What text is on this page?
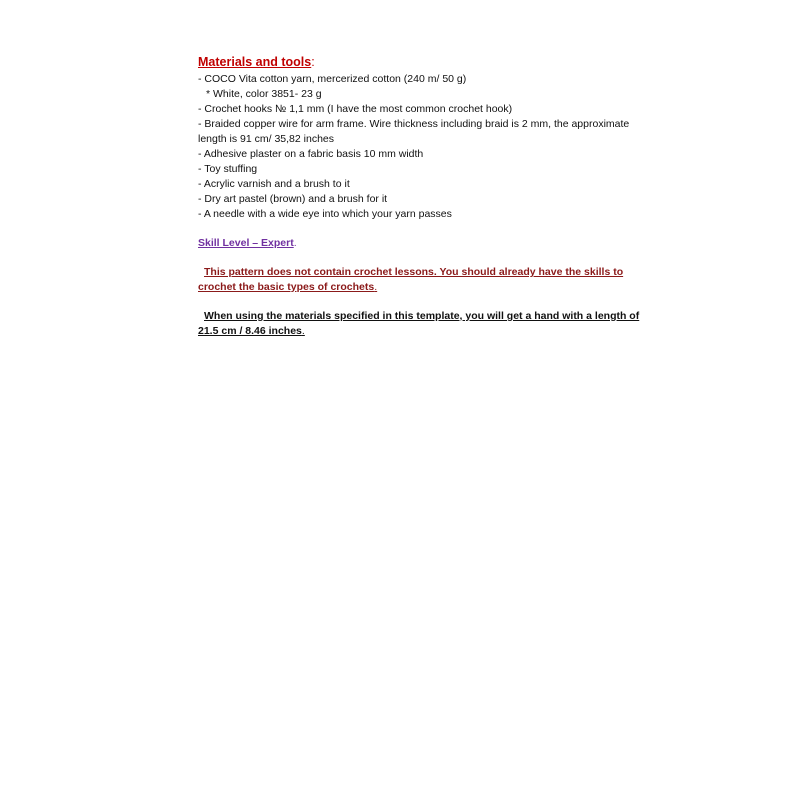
Materials and tools:
- COCO Vita cotton yarn, mercerized cotton (240 m/ 50 g)
* White, color 3851- 23 g
- Crochet hooks № 1,1 mm (I have the most common crochet hook)
- Braided copper wire for arm frame. Wire thickness including braid is 2 mm, the approximate length is 91 cm/ 35,82 inches
- Adhesive plaster on a fabric basis 10 mm width
- Toy stuffing
- Acrylic varnish and a brush to it
- Dry art pastel (brown) and a brush for it
- A needle with a wide eye into which your yarn passes
Skill Level – Expert.
This pattern does not contain crochet lessons. You should already have the skills to crochet the basic types of crochets.
When using the materials specified in this template, you will get a hand with a length of 21.5 cm / 8.46 inches.
